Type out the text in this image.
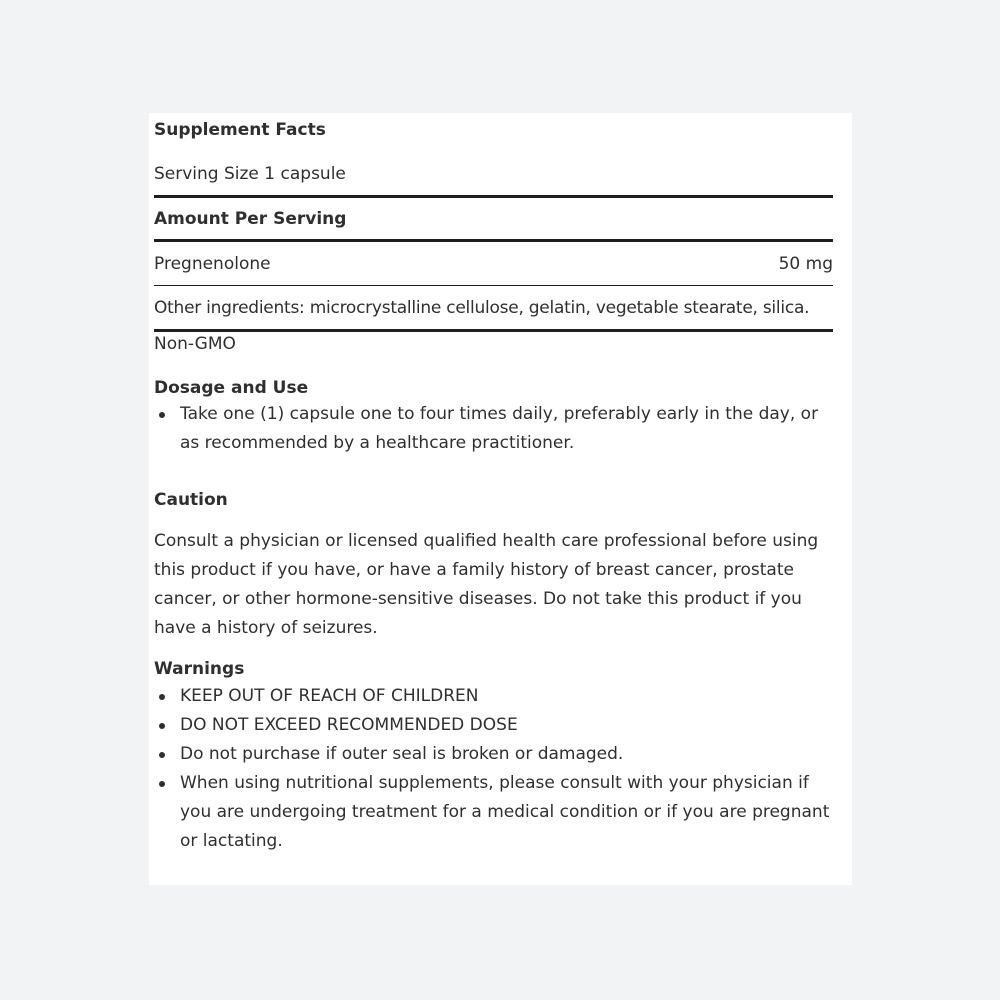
Supplement Facts
Serving Size 1 capsule
Amount Per Serving
Pregnenolone	50 mg
Other ingredients: microcrystalline cellulose, gelatin, vegetable stearate, silica.
Non-GMO
Dosage and Use
Take one (1) capsule one to four times daily, preferably early in the day, or as recommended by a healthcare practitioner.
Caution
Consult a physician or licensed qualified health care professional before using this product if you have, or have a family history of breast cancer, prostate cancer, or other hormone-sensitive diseases. Do not take this product if you have a history of seizures.
Warnings
KEEP OUT OF REACH OF CHILDREN
DO NOT EXCEED RECOMMENDED DOSE
Do not purchase if outer seal is broken or damaged.
When using nutritional supplements, please consult with your physician if you are undergoing treatment for a medical condition or if you are pregnant or lactating.
